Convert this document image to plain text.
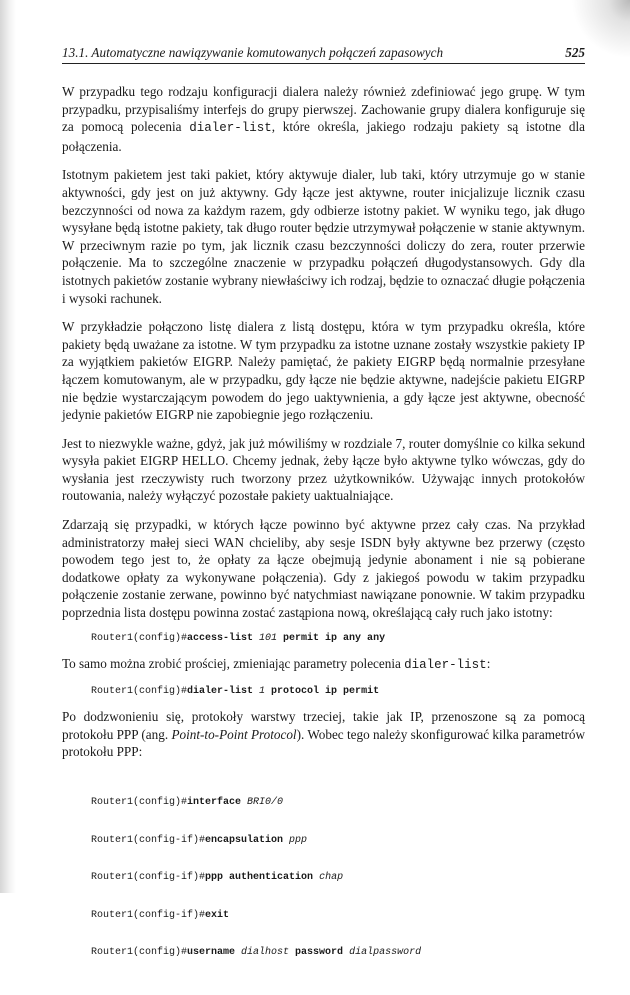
13.1. Automatyczne nawiązywanie komutowanych połączeń zapasowych	525

W przypadku tego rodzaju konfiguracji dialera należy również zdefiniować jego grupę. W tym przypadku, przypisaliśmy interfejs do grupy pierwszej. Zachowanie grupy dialera konfiguruje się za pomocą polecenia dialer-list, które określa, jakiego rodzaju pakiety są istotne dla połączenia.

Istotnym pakietem jest taki pakiet, który aktywuje dialer, lub taki, który utrzymuje go w stanie aktywności, gdy jest on już aktywny. Gdy łącze jest aktywne, router inicjalizuje licznik czasu bezczynności od nowa za każdym razem, gdy odbierze istotny pakiet. W wyniku tego, jak długo wysyłane będą istotne pakiety, tak długo router będzie utrzymywał połączenie w stanie aktywnym. W przeciwnym razie po tym, jak licznik czasu bezczynności doliczy do zera, router przerwie połączenie. Ma to szczególne znaczenie w przypadku połączeń długodystansowych. Gdy dla istotnych pakietów zostanie wybrany niewłaściwy ich rodzaj, będzie to oznaczać długie połączenia i wysoki rachunek.

W przykładzie połączono listę dialera z listą dostępu, która w tym przypadku określa, które pakiety będą uważane za istotne. W tym przypadku za istotne uznane zostały wszystkie pakiety IP za wyjątkiem pakietów EIGRP. Należy pamiętać, że pakiety EIGRP będą normalnie przesyłane łączem komutowanym, ale w przypadku, gdy łącze nie będzie aktywne, nadejście pakietu EIGRP nie będzie wystarczającym powodem do jego uaktywnienia, a gdy łącze jest aktywne, obecność jedynie pakietów EIGRP nie zapobiegnie jego rozłączeniu.

Jest to niezwykle ważne, gdyż, jak już mówiliśmy w rozdziale 7, router domyślnie co kilka sekund wysyła pakiet EIGRP HELLO. Chcemy jednak, żeby łącze było aktywne tylko wówczas, gdy do wysłania jest rzeczywisty ruch tworzony przez użytkowników. Używając innych protokołów routowania, należy wyłączyć pozostałe pakiety uaktualniające.

Zdarzają się przypadki, w których łącze powinno być aktywne przez cały czas. Na przykład administratorzy małej sieci WAN chcieliby, aby sesje ISDN były aktywne bez przerwy (często powodem tego jest to, że opłaty za łącze obejmują jedynie abonament i nie są pobierane dodatkowe opłaty za wykonywane połączenia). Gdy z jakiegoś powodu w takim przypadku połączenie zostanie zerwane, powinno być natychmiast nawiązane ponownie. W takim przypadku poprzednia lista dostępu powinna zostać zastąpiona nową, określającą cały ruch jako istotny:

Router1(config)#access-list 101 permit ip any any

To samo można zrobić prościej, zmieniając parametry polecenia dialer-list:

Router1(config)#dialer-list 1 protocol ip permit

Po dodzwonieniu się, protokoły warstwy trzeciej, takie jak IP, przenoszone są za pomocą protokołu PPP (ang. Point-to-Point Protocol). Wobec tego należy skonfigurować kilka parametrów protokołu PPP:

Router1(config)#interface BRI0/0

Router1(config-if)#encapsulation ppp

Router1(config-if)#ppp authentication chap

Router1(config-if)#exit

Router1(config)#username dialhost password dialpassword
